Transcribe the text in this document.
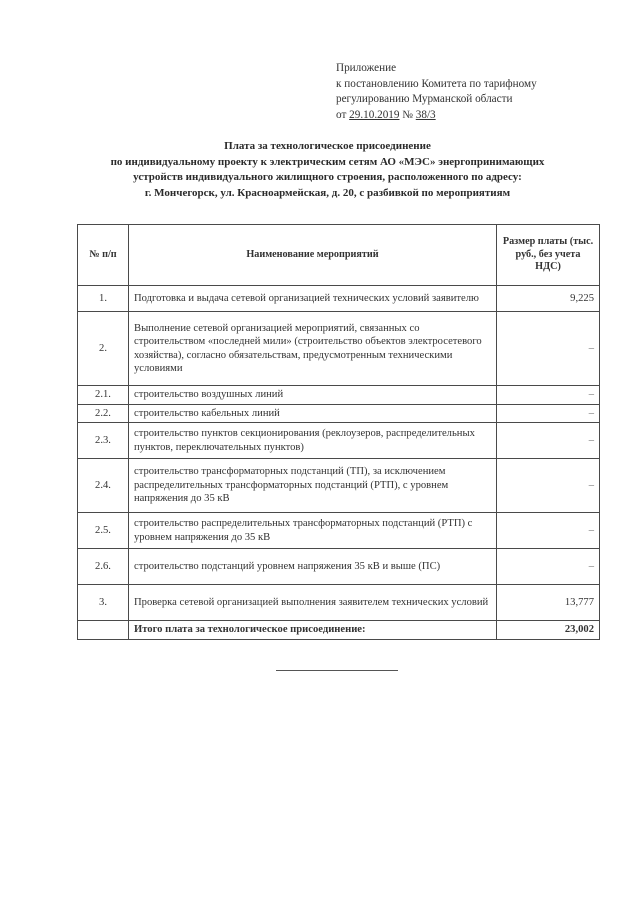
Приложение
к постановлению Комитета по тарифному
регулированию Мурманской области
от 29.10.2019 № 38/3
Плата за технологическое присоединение
по индивидуальному проекту к электрическим сетям АО «МЭС» энергопринимающих
устройств индивидуального жилищного строения, расположенного по адресу:
г. Мончегорск, ул. Красноармейская, д. 20, с разбивкой по мероприятиям
№ п/п	Наименование мероприятий	Размер платы (тыс. руб., без учета НДС)
1.	Подготовка и выдача сетевой организацией технических условий заявителю	9,225
2.	Выполнение сетевой организацией мероприятий, связанных со строительством «последней мили» (строительство объектов электросетевого хозяйства), согласно обязательствам, предусмотренным техническими условиями	–
2.1.	строительство воздушных линий	–
2.2.	строительство кабельных линий	–
2.3.	строительство пунктов секционирования (реклоузеров, распределительных пунктов, переключательных пунктов)	–
2.4.	строительство трансформаторных подстанций (ТП), за исключением распределительных трансформаторных подстанций (РТП), с уровнем напряжения до 35 кВ	–
2.5.	строительство распределительных трансформаторных подстанций (РТП) с уровнем напряжения до 35 кВ	–
2.6.	строительство подстанций уровнем напряжения 35 кВ и выше (ПС)	–
3.	Проверка сетевой организацией выполнения заявителем технических условий	13,777
	Итого плата за технологическое присоединение:	23,002
